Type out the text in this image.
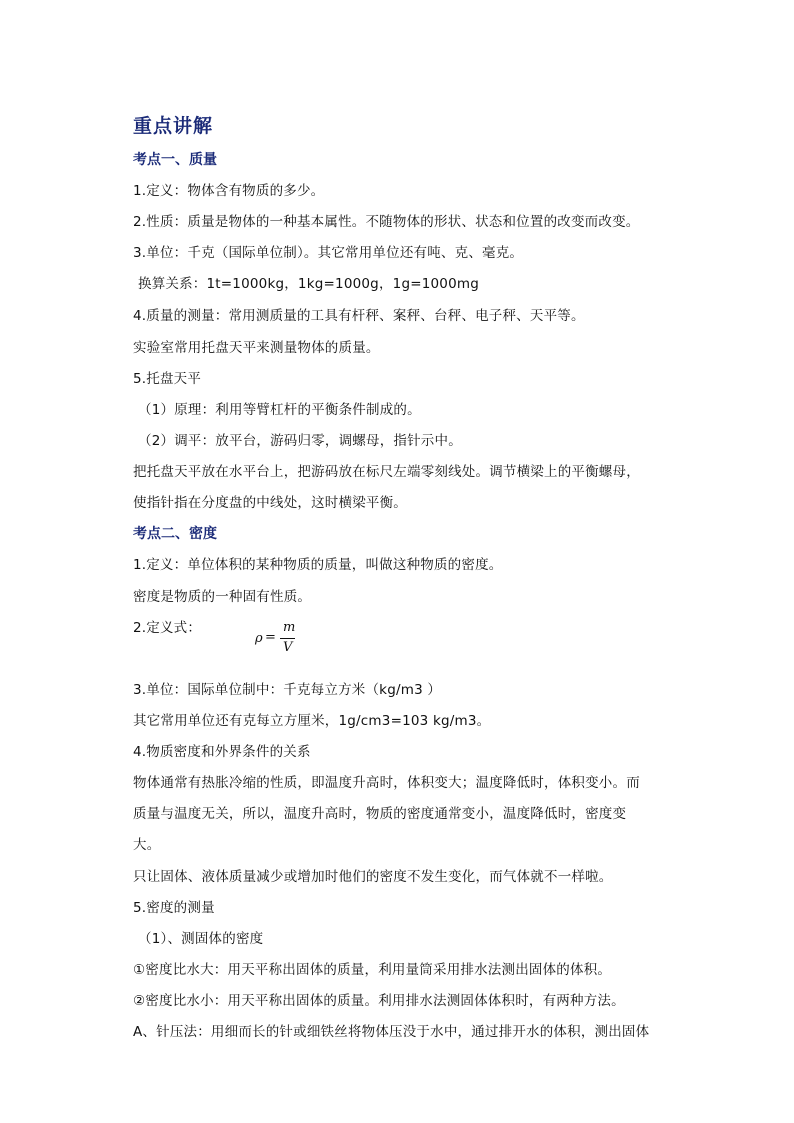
重点讲解
考点一、质量
1.定义：物体含有物质的多少。
2.性质：质量是物体的一种基本属性。不随物体的形状、状态和位置的改变而改变。
3.单位：千克（国际单位制）。其它常用单位还有吨、克、毫克。
换算关系：1t=1000kg，1kg=1000g，1g=1000mg
4.质量的测量：常用测质量的工具有杆秤、案秤、台秤、电子秤、天平等。
实验室常用托盘天平来测量物体的质量。
5.托盘天平
（1）原理：利用等臂杠杆的平衡条件制成的。
（2）调平：放平台，游码归零，调螺母，指针示中。
把托盘天平放在水平台上，把游码放在标尺左端零刻线处。调节横梁上的平衡螺母，
使指针指在分度盘的中线处，这时横梁平衡。
考点二、密度
1.定义：单位体积的某种物质的质量，叫做这种物质的密度。
密度是物质的一种固有性质。
2.定义式：
ρ =
m
V
3.单位：国际单位制中：千克每立方米（kg/m3 ）
其它常用单位还有克每立方厘米，1g/cm3=103 kg/m3。
4.物质密度和外界条件的关系
物体通常有热胀冷缩的性质，即温度升高时，体积变大；温度降低时，体积变小。而
质量与温度无关，所以，温度升高时，物质的密度通常变小，温度降低时，密度变
大。
只让固体、液体质量减少或增加时他们的密度不发生变化，而气体就不一样啦。
5.密度的测量
（1）、测固体的密度
①密度比水大：用天平称出固体的质量，利用量筒采用排水法测出固体的体积。
②密度比水小：用天平称出固体的质量。利用排水法测固体体积时，有两种方法。
A、针压法：用细而长的针或细铁丝将物体压没于水中，通过排开水的体积，测出固体
